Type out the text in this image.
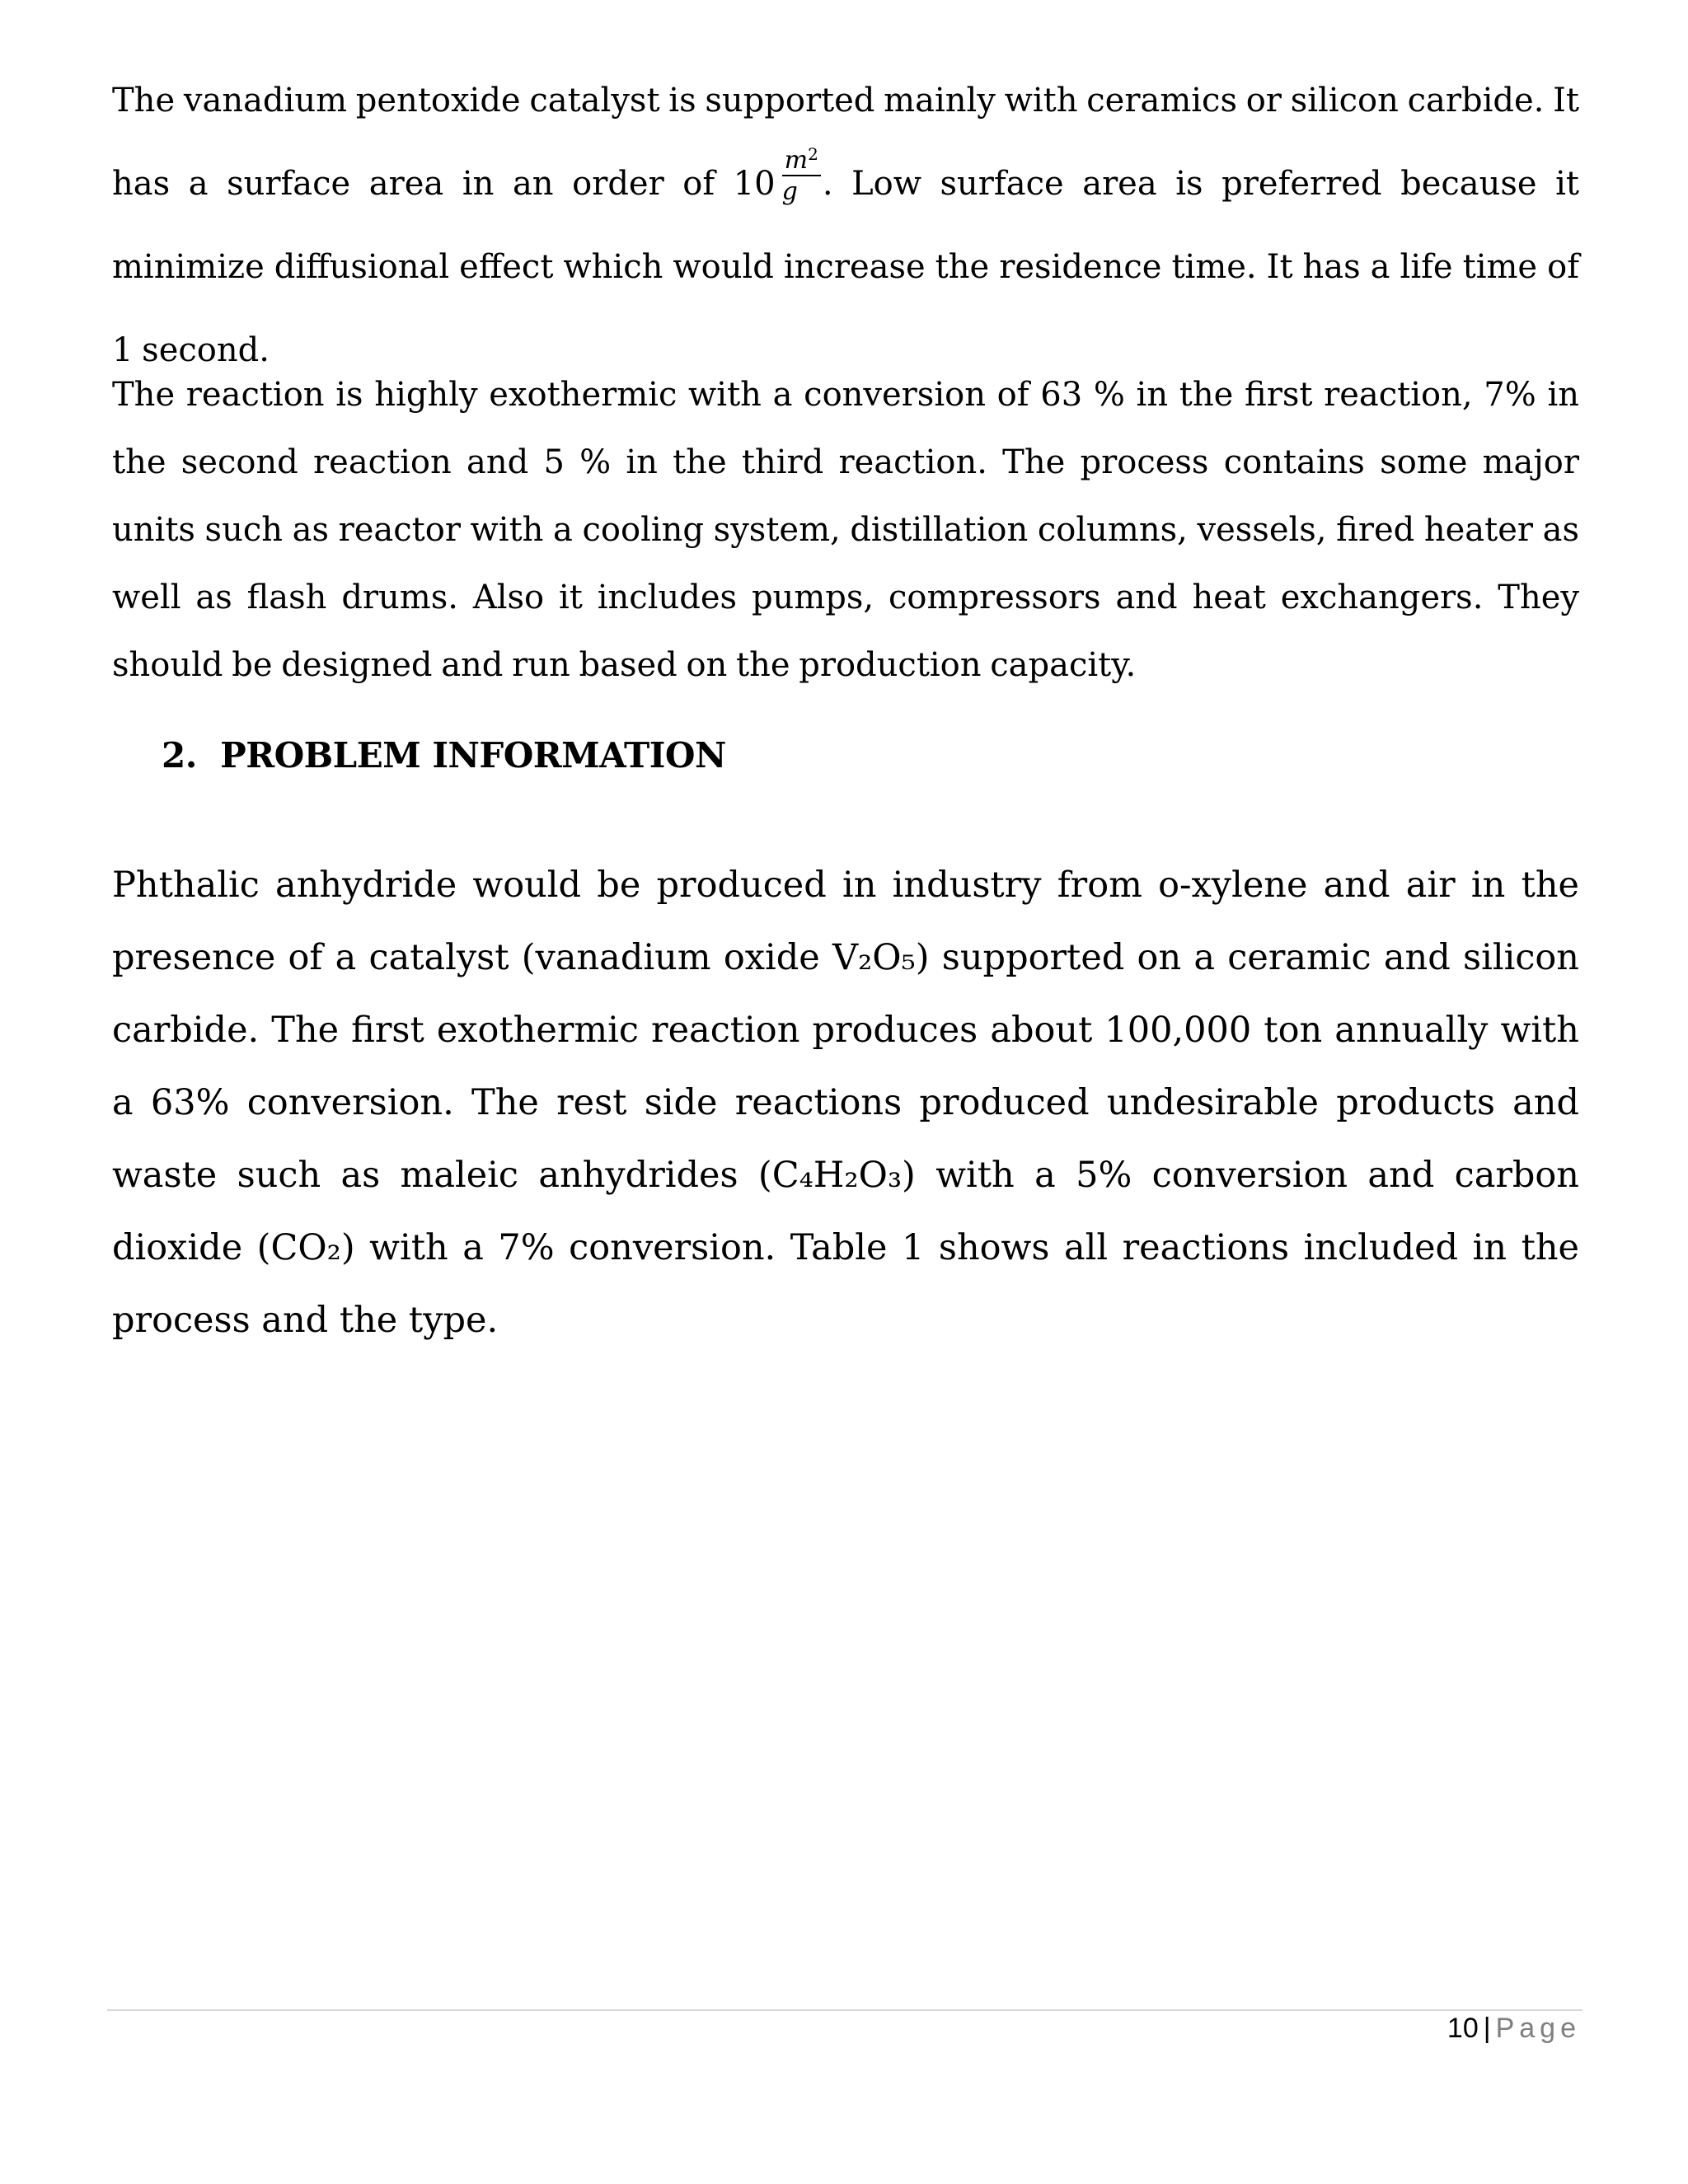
The vanadium pentoxide catalyst is supported mainly with ceramics or silicon carbide. It has a surface area in an order of $10 \frac{m^2}{g}$ . Low surface area is preferred because it minimize diffusional effect which would increase the residence time. It has a life time of 1 second.

The reaction is highly exothermic with a conversion of 63 % in the first reaction, 7% in the second reaction and 5 % in the third reaction. The process contains some major units such as reactor with a cooling system, distillation columns, vessels, fired heater as well as flash drums. Also it includes pumps, compressors and heat exchangers. They should be designed and run based on the production capacity.

2. PROBLEM INFORMATION

Phthalic anhydride would be produced in industry from o-xylene and air in the presence of a catalyst (vanadium oxide V₂O₅) supported on a ceramic and silicon carbide. The first exothermic reaction produces about 100,000 ton annually with a 63% conversion. The rest side reactions produced undesirable products and waste such as maleic anhydrides (C₄H₂O₃) with a 5% conversion and carbon dioxide (CO₂) with a 7% conversion. Table 1 shows all reactions included in the process and the type.

10 | Page
